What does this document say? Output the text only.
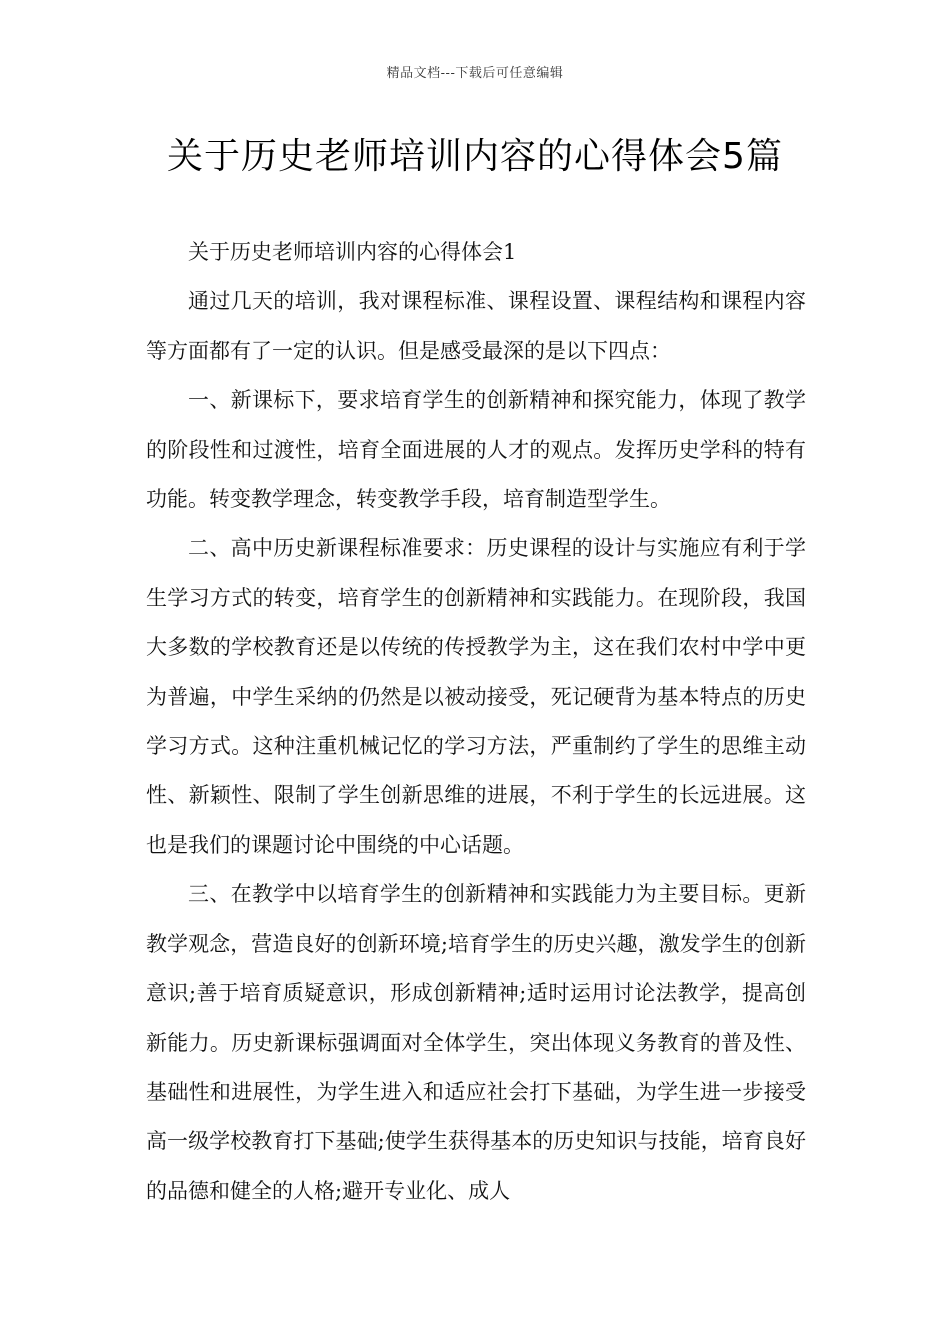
精品文档---下载后可任意编辑
关于历史老师培训内容的心得体会5篇

关于历史老师培训内容的心得体会1

通过几天的培训，我对课程标准、课程设置、课程结构和课程内容等方面都有了一定的认识。但是感受最深的是以下四点：

一、新课标下，要求培育学生的创新精神和探究能力，体现了教学的阶段性和过渡性，培育全面进展的人才的观点。发挥历史学科的特有功能。转变教学理念，转变教学手段，培育制造型学生。

二、高中历史新课程标准要求：历史课程的设计与实施应有利于学生学习方式的转变，培育学生的创新精神和实践能力。在现阶段，我国大多数的学校教育还是以传统的传授教学为主，这在我们农村中学中更为普遍，中学生采纳的仍然是以被动接受，死记硬背为基本特点的历史学习方式。这种注重机械记忆的学习方法，严重制约了学生的思维主动性、新颖性、限制了学生创新思维的进展，不利于学生的长远进展。这也是我们的课题讨论中围绕的中心话题。

三、在教学中以培育学生的创新精神和实践能力为主要目标。更新教学观念，营造良好的创新环境;培育学生的历史兴趣，激发学生的创新意识;善于培育质疑意识，形成创新精神;适时运用讨论法教学，提高创新能力。历史新课标强调面对全体学生，突出体现义务教育的普及性、基础性和进展性，为学生进入和适应社会打下基础，为学生进一步接受高一级学校教育打下基础;使学生获得基本的历史知识与技能，培育良好的品德和健全的人格;避开专业化、成人
